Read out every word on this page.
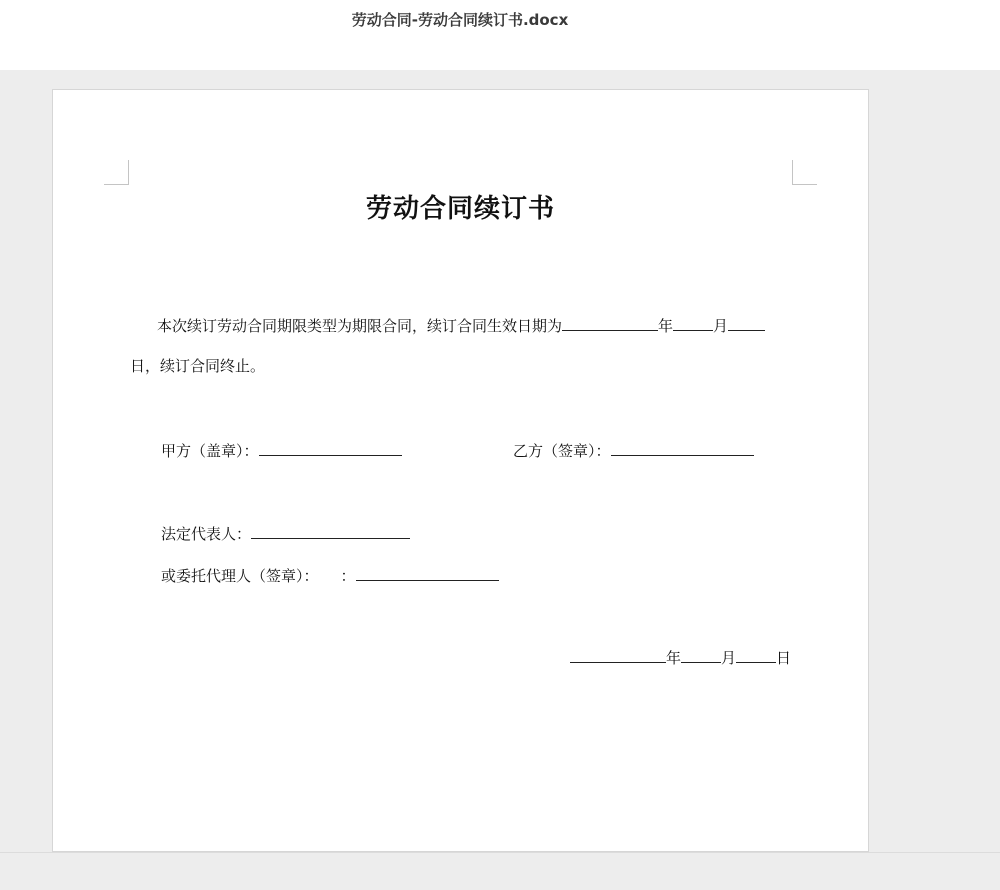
劳动合同-劳动合同续订书.docx
劳动合同续订书
本次续订劳动合同期限类型为期限合同，续订合同生效日期为	年	月
日，续订合同终止。
甲方（盖章）：	乙方（签章）：
法定代表人：
或委托代理人（签章）： ：
年	月	日
